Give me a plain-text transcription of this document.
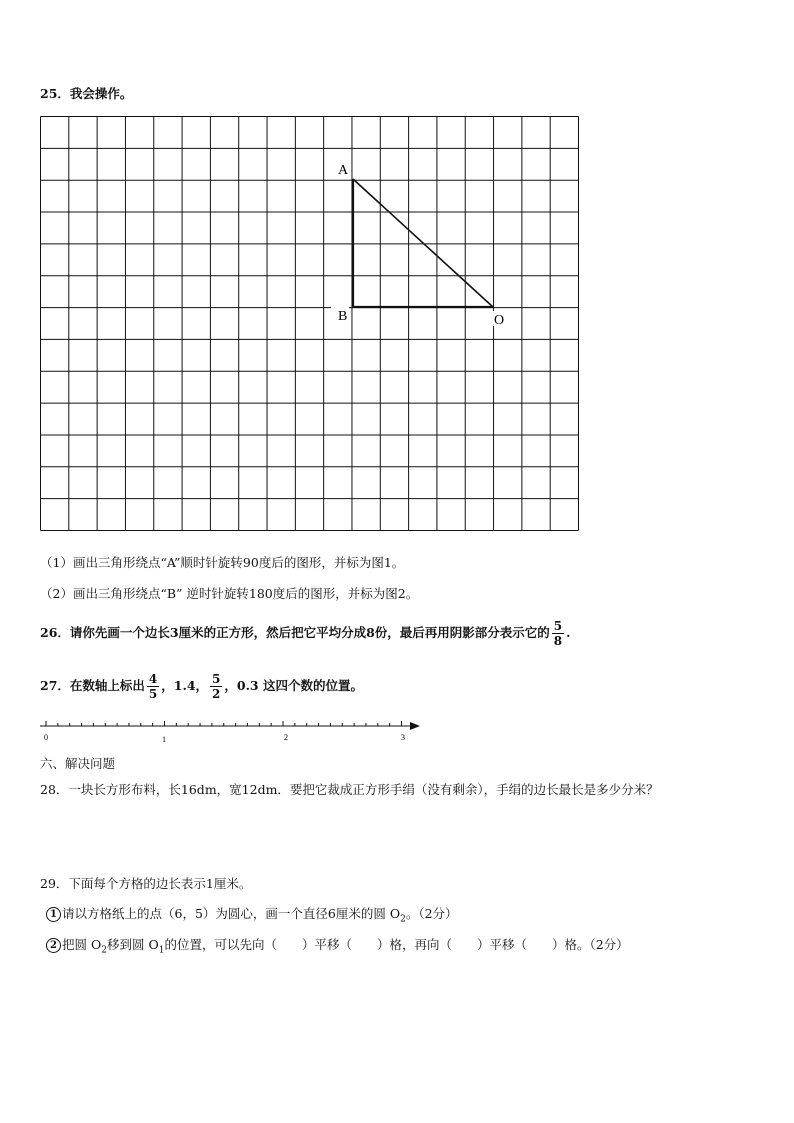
25．我会操作。
A
B	O
（1）画出三角形绕点“A”顺时针旋转90度后的图形，并标为图1。
（2）画出三角形绕点“B” 逆时针旋转180度后的图形，并标为图2。
26．请你先画一个边长3厘米的正方形，然后把它平均分成8份，最后再用阴影部分表示它的 $\frac{5}{8}$ .
27．在数轴上标出 $\frac{4}{5}$ ，1.4， $\frac{5}{2}$ ，0.3 这四个数的位置。
0	1	2	3
六、解决问题
28．一块长方形布料，长16dm，宽12dm．要把它裁成正方形手绢（没有剩余），手绢的边长最长是多少分米？
29．下面每个方格的边长表示1厘米。
1 请以方格纸上的点（6，5）为圆心，画一个直径6厘米的圆 $O_2$。（2分）
2 把圆 $O_2$移到圆 $O_1$的位置，可以先向（　　）平移（　　）格，再向（　　）平移（　　）格。（2分）
